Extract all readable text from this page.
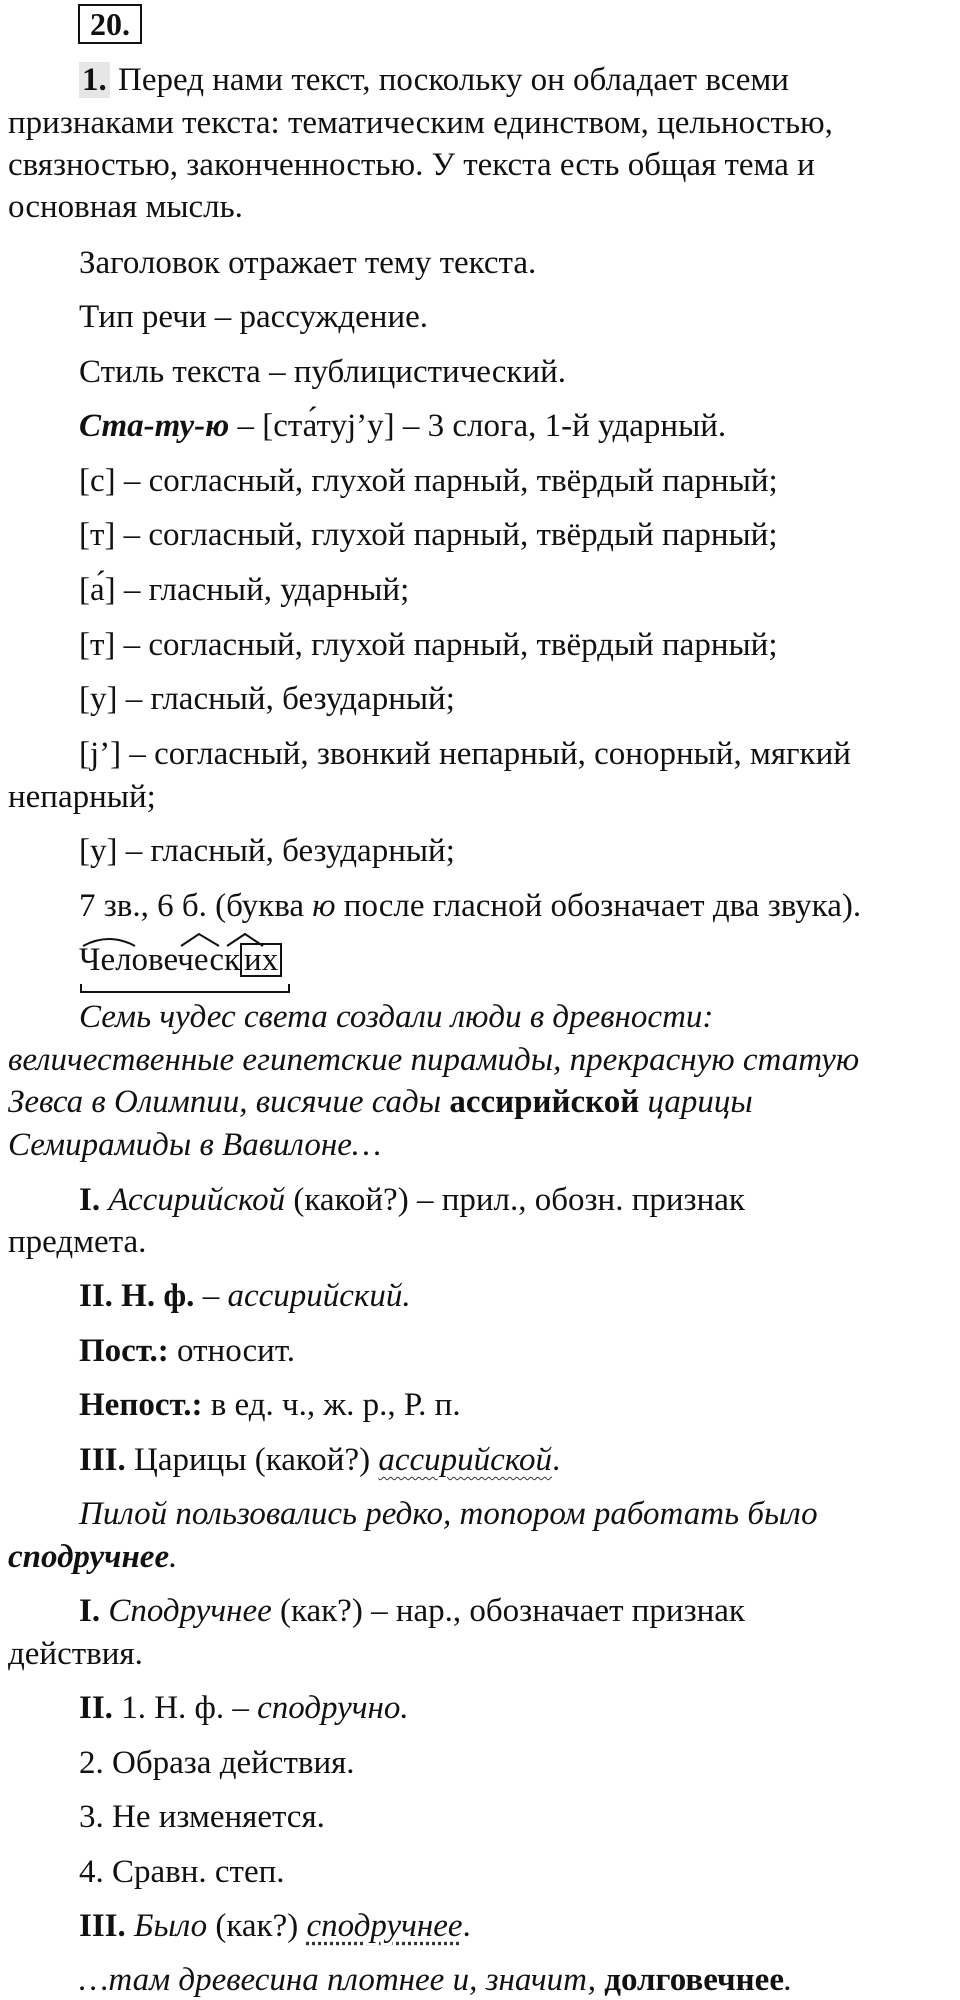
20.
1. Перед нами текст, поскольку он обладает всеми
признаками текста: тематическим единством, цельностью,
связностью, законченностью. У текста есть общая тема и
основная мысль.
Заголовок отражает тему текста.
Тип речи – рассуждение.
Стиль текста – публицистический.
Ста-ту-ю – [ста́туj’у] – 3 слога, 1-й ударный.
[с] – согласный, глухой парный, твёрдый парный;
[т] – согласный, глухой парный, твёрдый парный;
[а́] – гласный, ударный;
[т] – согласный, глухой парный, твёрдый парный;
[у] – гласный, безударный;
[j’] – согласный, звонкий непарный, сонорный, мягкий
непарный;
[у] – гласный, безударный;
7 зв., 6 б. (буква ю после гласной обозначает два звука).
Человеческ их
Семь чудес света создали люди в древности:
величественные египетские пирамиды, прекрасную статую
Зевса в Олимпии, висячие сады ассирийской царицы
Семирамиды в Вавилоне…
I. Ассирийской (какой?) – прил., обозн. признак
предмета.
II. Н. ф. – ассирийский.
Пост.: относит.
Непост.: в ед. ч., ж. р., Р. п.
III. Царицы (какой?) ассирийской.
Пилой пользовались редко, топором работать было
сподручнее.
I. Сподручнее (как?) – нар., обозначает признак
действия.
II. 1. Н. ф. – сподручно.
2. Образа действия.
3. Не изменяется.
4. Сравн. степ.
III. Было (как?) сподручнее.
…там древесина плотнее и, значит, долговечнее.
